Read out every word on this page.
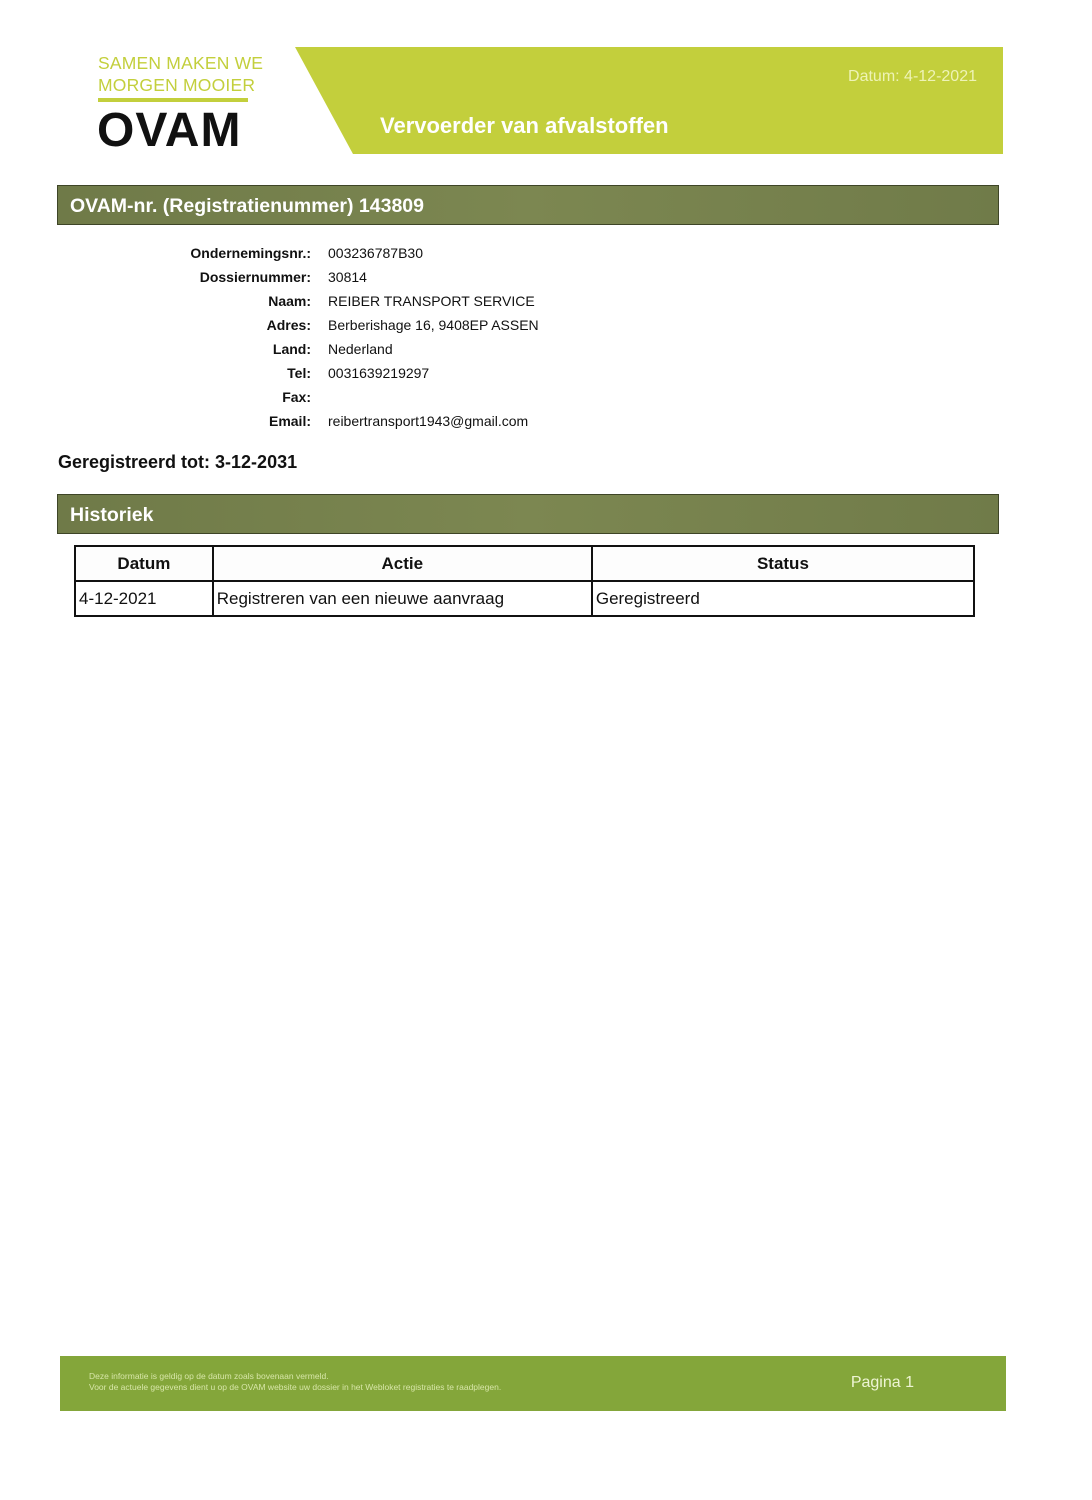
SAMEN MAKEN WE
MORGEN MOOIER
OVAM
Datum: 4-12-2021
Vervoerder van afvalstoffen
OVAM-nr. (Registratienummer) 143809
Ondernemingsnr.: 003236787B30
Dossiernummer: 30814
Naam: REIBER TRANSPORT SERVICE
Adres: Berberishage 16, 9408EP ASSEN
Land: Nederland
Tel: 0031639219297
Fax:
Email: reibertransport1943@gmail.com
Geregistreerd tot: 3-12-2031
Historiek
Datum	Actie	Status
4-12-2021	Registreren van een nieuwe aanvraag	Geregistreerd
Deze informatie is geldig op de datum zoals bovenaan vermeld.
Voor de actuele gegevens dient u op de OVAM website uw dossier in het Webloket registraties te raadplegen.	Pagina 1
